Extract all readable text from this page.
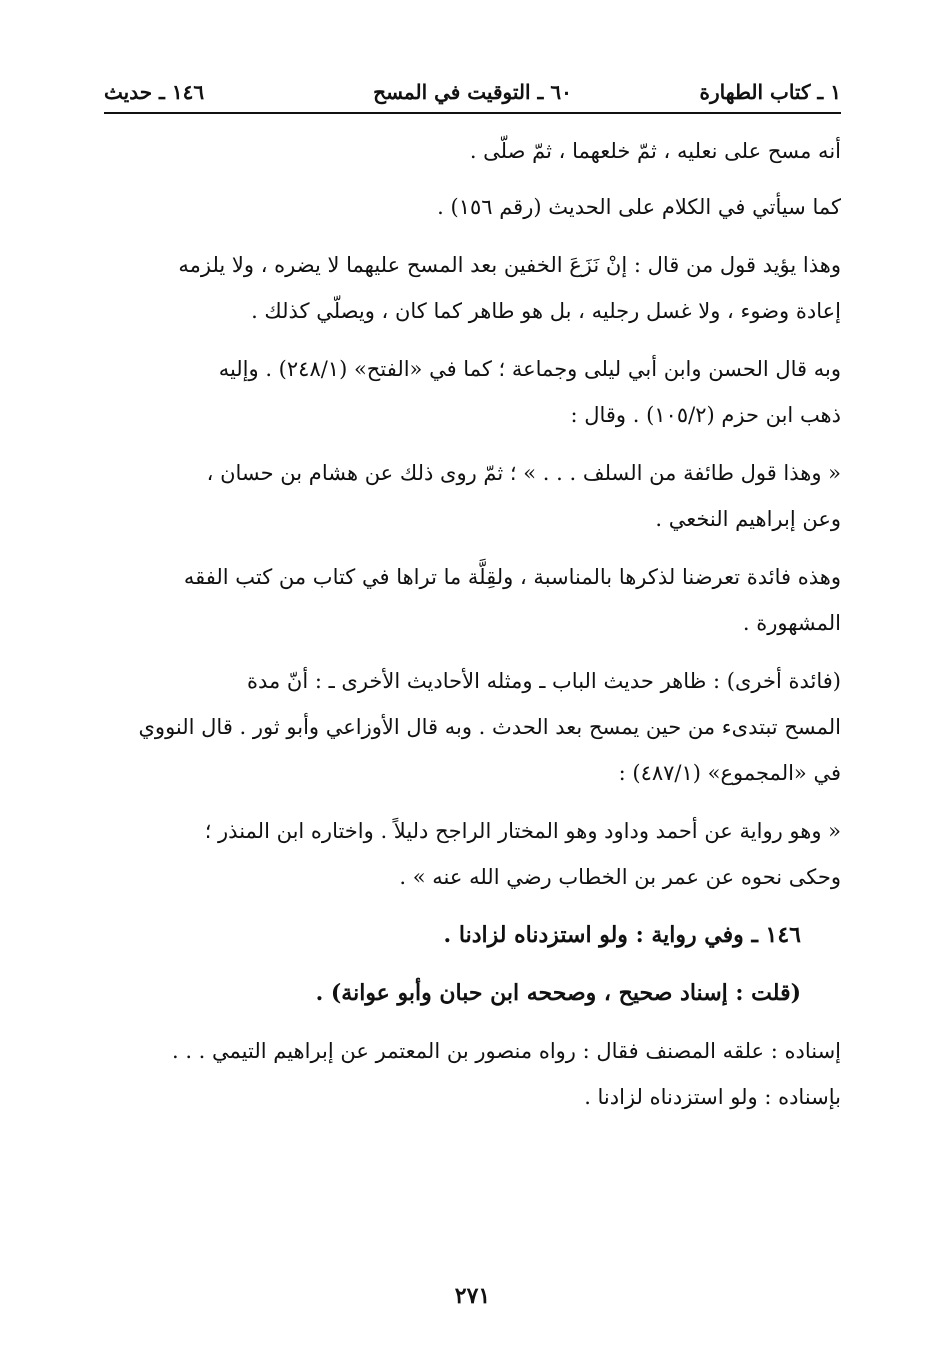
١ ـ كتاب الطهارة
٦٠ ـ التوقيت في المسح
١٤٦ ـ حديث

أنه مسح على نعليه ، ثمّ خلعهما ، ثمّ صلّى .

كما سيأتي في الكلام على الحديث (رقم ١٥٦) .

وهذا يؤيد قول من قال : إنْ نَزَعَ الخفين بعد المسح عليهما لا يضره ، ولا يلزمه
إعادة وضوء ، ولا غسل رجليه ، بل هو طاهر كما كان ، ويصلّي كذلك .

وبه قال الحسن وابن أبي ليلى وجماعة ؛ كما في «الفتح» (٢٤٨/١) . وإليه
ذهب ابن حزم (١٠٥/٢) . وقال :

« وهذا قول طائفة من السلف . . . » ؛ ثمّ روى ذلك عن هشام بن حسان ،
وعن إبراهيم النخعي .

وهذه فائدة تعرضنا لذكرها بالمناسبة ، ولقِلَّة ما تراها في كتاب من كتب الفقه
المشهورة .

(فائدة أخرى) : ظاهر حديث الباب ـ ومثله الأحاديث الأخرى ـ : أنّ مدة
المسح تبتدىء من حين يمسح بعد الحدث . وبه قال الأوزاعي وأبو ثور . قال النووي
في «المجموع» (٤٨٧/١) :

« وهو رواية عن أحمد وداود وهو المختار الراجح دليلاً . واختاره ابن المنذر ؛
وحكى نحوه عن عمر بن الخطاب رضي الله عنه » .

١٤٦ ـ وفي رواية : ولو استزدناه لزادنا .

(قلت : إسناد صحيح ، وصححه ابن حبان وأبو عوانة) .

إسناده : علقه المصنف فقال : رواه منصور بن المعتمر عن إبراهيم التيمي . . .
بإسناده : ولو استزدناه لزادنا .

٢٧١
